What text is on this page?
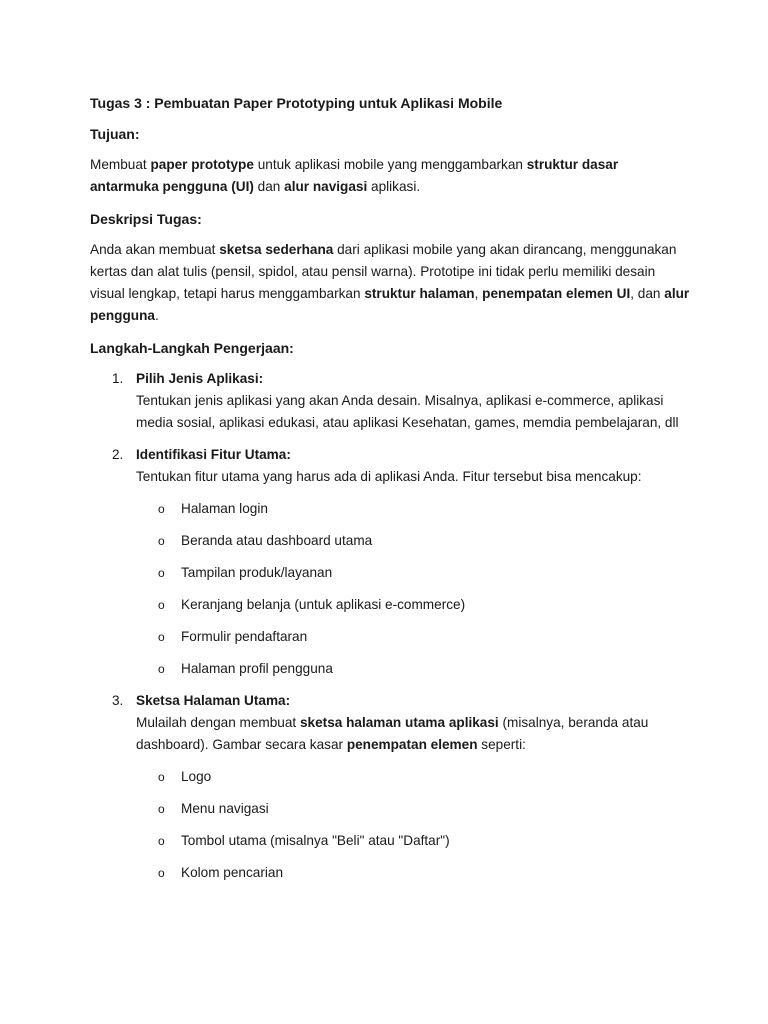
Tugas 3 : Pembuatan Paper Prototyping untuk Aplikasi Mobile

Tujuan:

Membuat paper prototype untuk aplikasi mobile yang menggambarkan struktur dasar antarmuka pengguna (UI) dan alur navigasi aplikasi.

Deskripsi Tugas:

Anda akan membuat sketsa sederhana dari aplikasi mobile yang akan dirancang, menggunakan kertas dan alat tulis (pensil, spidol, atau pensil warna). Prototipe ini tidak perlu memiliki desain visual lengkap, tetapi harus menggambarkan struktur halaman, penempatan elemen UI, dan alur pengguna.

Langkah-Langkah Pengerjaan:

1. Pilih Jenis Aplikasi:
Tentukan jenis aplikasi yang akan Anda desain. Misalnya, aplikasi e-commerce, aplikasi media sosial, aplikasi edukasi, atau aplikasi Kesehatan, games, memdia pembelajaran, dll
2. Identifikasi Fitur Utama:
Tentukan fitur utama yang harus ada di aplikasi Anda. Fitur tersebut bisa mencakup:
o Halaman login
o Beranda atau dashboard utama
o Tampilan produk/layanan
o Keranjang belanja (untuk aplikasi e-commerce)
o Formulir pendaftaran
o Halaman profil pengguna
3. Sketsa Halaman Utama:
Mulailah dengan membuat sketsa halaman utama aplikasi (misalnya, beranda atau dashboard). Gambar secara kasar penempatan elemen seperti:
o Logo
o Menu navigasi
o Tombol utama (misalnya "Beli" atau "Daftar")
o Kolom pencarian
